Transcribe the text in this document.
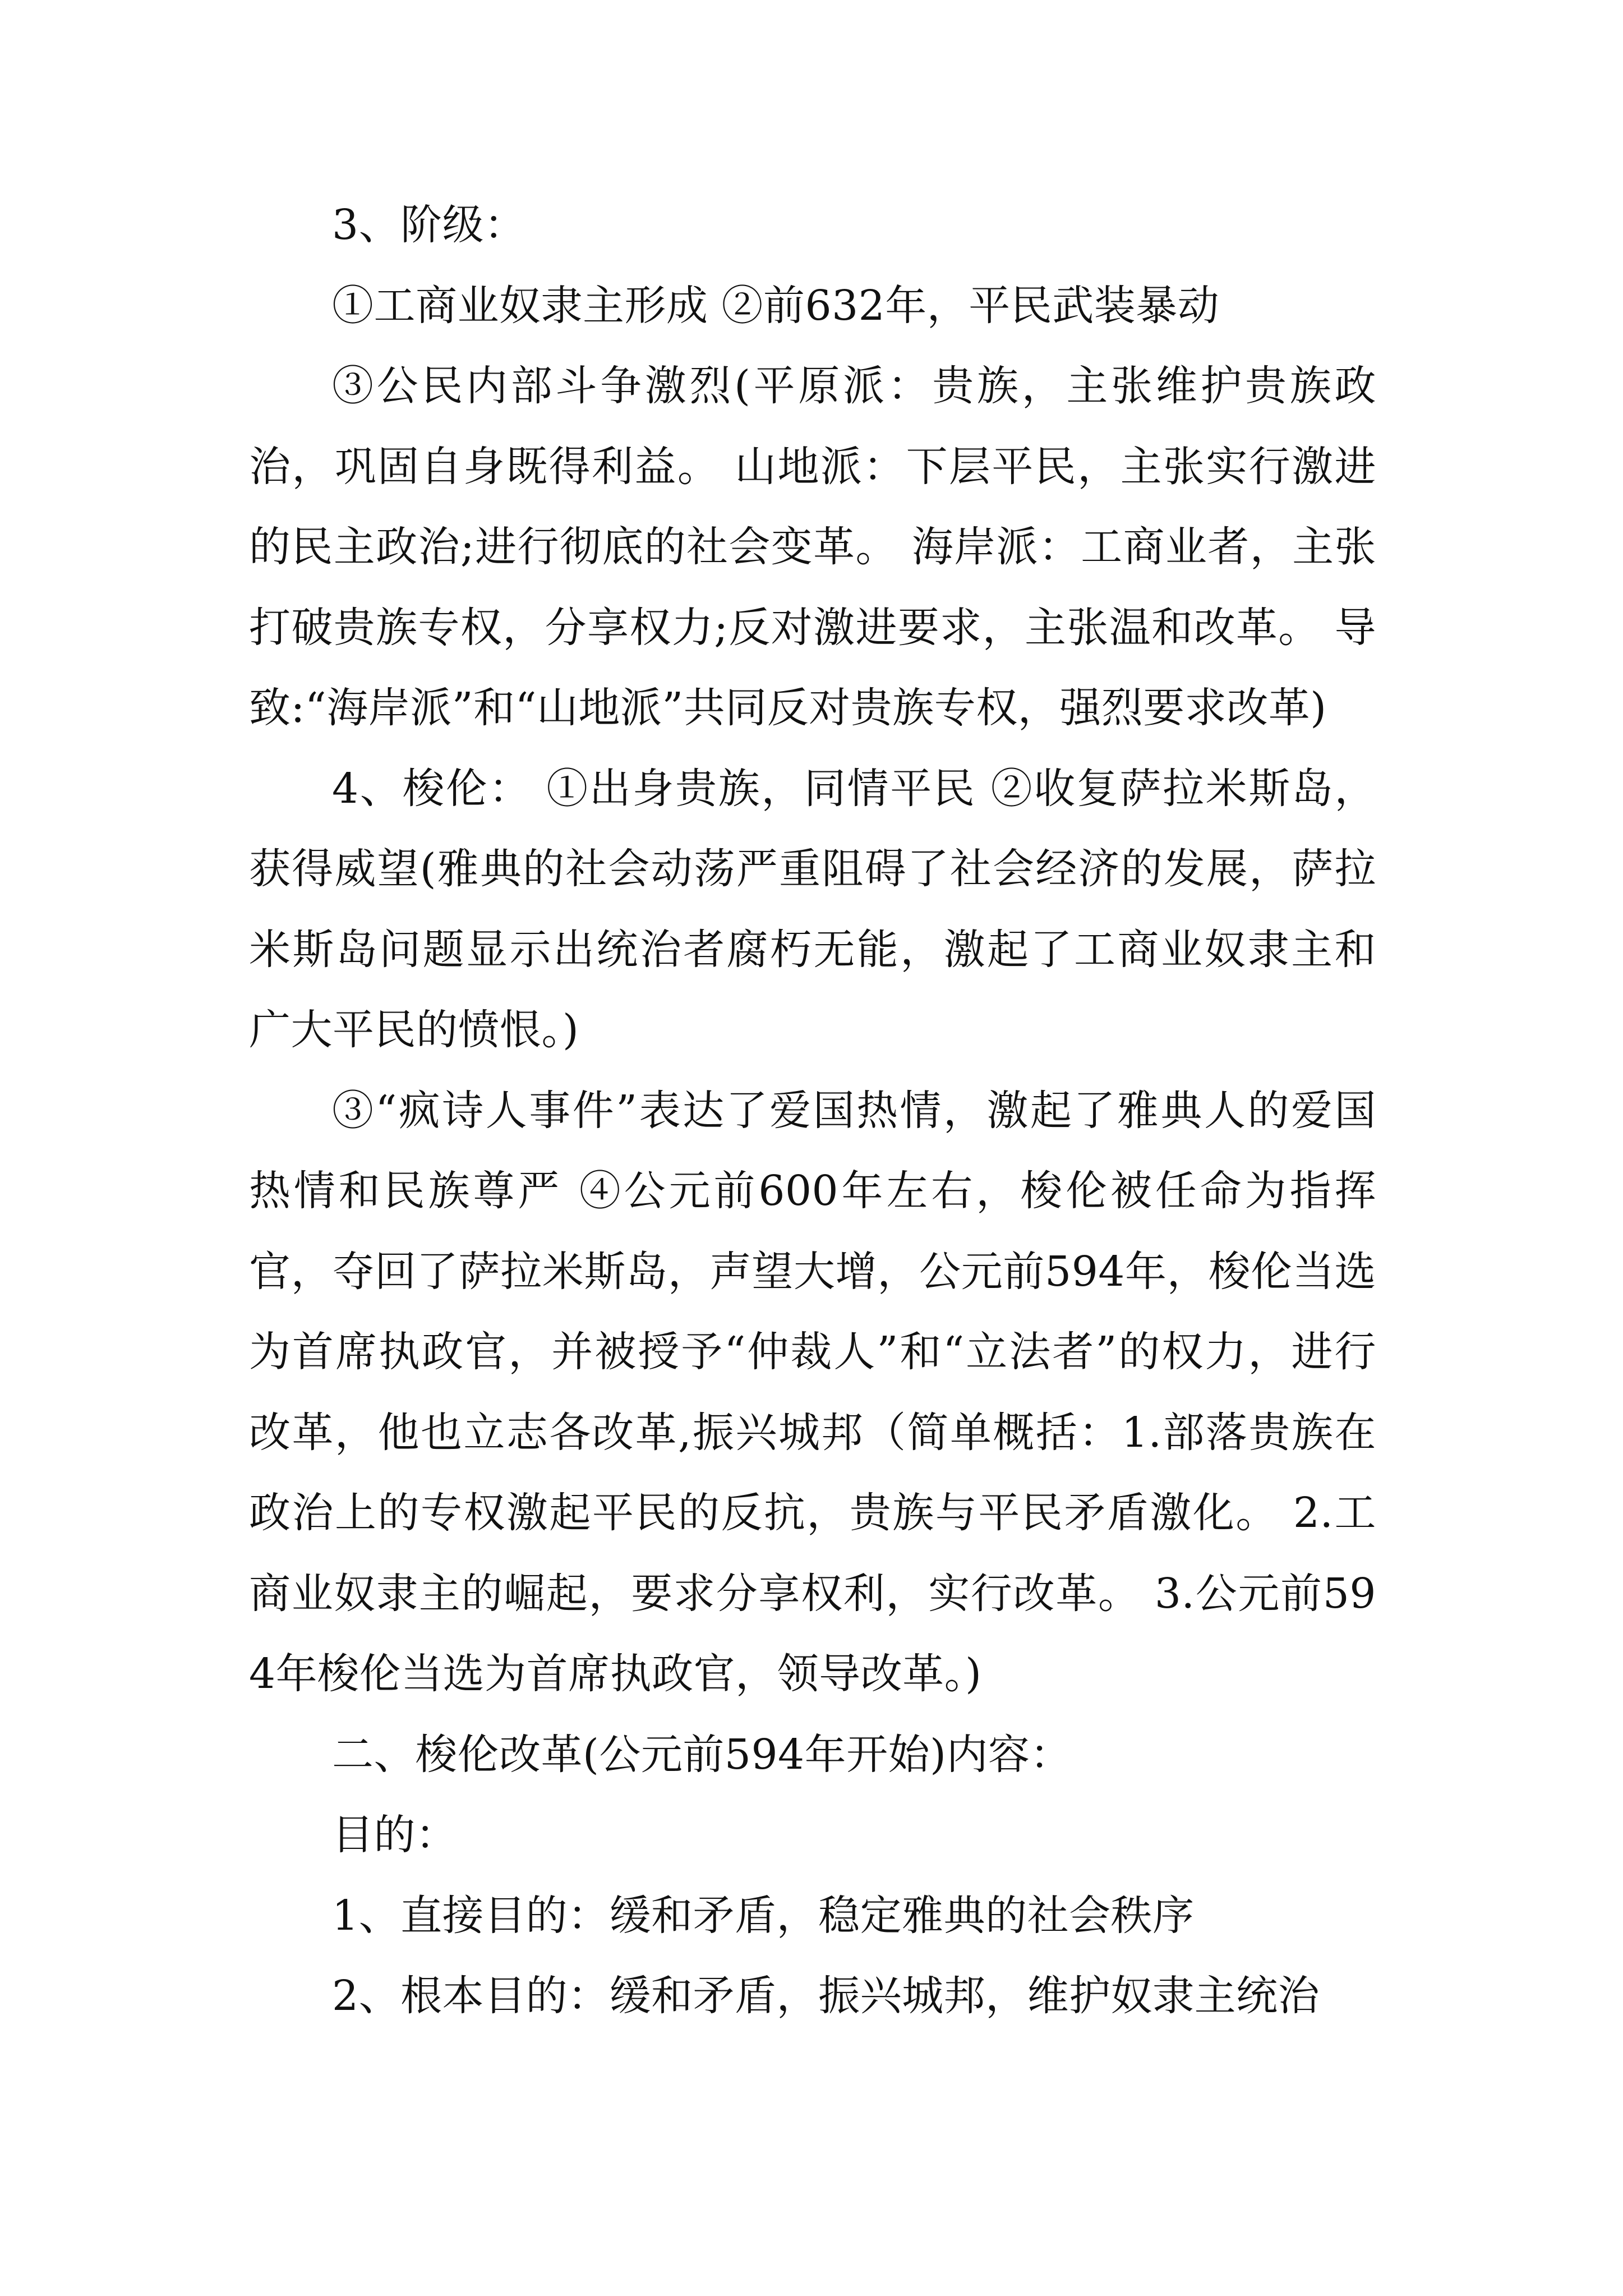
3、阶级：

①工商业奴隶主形成 ②前632年，平民武装暴动

③公民内部斗争激烈(平原派：贵族，主张维护贵族政治，巩固自身既得利益。 山地派：下层平民，主张实行激进的民主政治;进行彻底的社会变革。 海岸派：工商业者，主张打破贵族专权，分享权力;反对激进要求，主张温和改革。 导致:“海岸派”和“山地派”共同反对贵族专权，强烈要求改革)

4、梭伦： ①出身贵族，同情平民 ②收复萨拉米斯岛，获得威望(雅典的社会动荡严重阻碍了社会经济的发展，萨拉米斯岛问题显示出统治者腐朽无能，激起了工商业奴隶主和广大平民的愤恨。)

③“疯诗人事件”表达了爱国热情，激起了雅典人的爱国热情和民族尊严 ④公元前600年左右，梭伦被任命为指挥官，夺回了萨拉米斯岛，声望大增，公元前594年，梭伦当选为首席执政官，并被授予“仲裁人”和“立法者”的权力，进行改革，他也立志各改革,振兴城邦（简单概括：1.部落贵族在政治上的专权激起平民的反抗，贵族与平民矛盾激化。 2.工商业奴隶主的崛起，要求分享权利，实行改革。 3.公元前594年梭伦当选为首席执政官，领导改革。)

二、梭伦改革(公元前594年开始)内容：

目的：

1、直接目的：缓和矛盾，稳定雅典的社会秩序

2、根本目的：缓和矛盾，振兴城邦，维护奴隶主统治
